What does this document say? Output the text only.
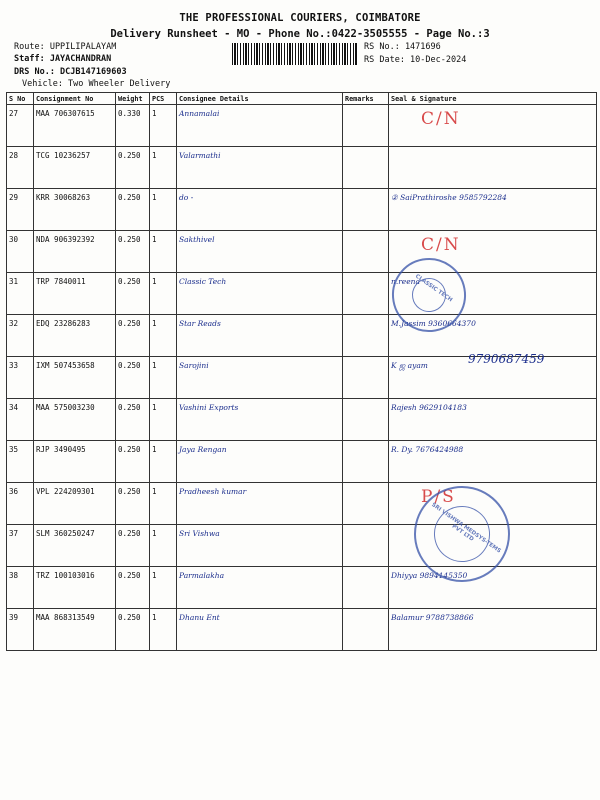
THE PROFESSIONAL COURIERS, COIMBATORE
Delivery Runsheet - MO - Phone No.:0422-3505555 - Page No.:3
Route: UPPILIPALAYAM
Staff: JAYACHANDRAN
DRS No.: DCJB147169603
Vehicle: Two Wheeler Delivery
RS No.: 1471696
RS Date: 10-Dec-2024
S No	Consignment No	Weight	PCS	Consignee Details	Remarks	Seal & Signature
27	MAA 706307615	0.330	1	Annamalai		C/N
28	TCG 10236257	0.250	1	Valarmathi		
29	KRR 30068263	0.250	1	do -		② SaiPrathiroshe 9585792284
30	NDA 906392392	0.250	1	Sakthivel		C/N
31	TRP 7840011	0.250	1	Classic Tech		n.reena
32	EDQ 23286283	0.250	1	Star Reads		M.Jassim 9360664370
33	IXM 507453658	0.250	1	Sarojini		K ஜ ayam
34	MAA 575003230	0.250	1	Vashini Exports		Rajesh 9629104183
35	RJP 3490495	0.250	1	Jaya Rengan		R. Dy. 7676424988
36	VPL 224209301	0.250	1	Pradheesh kumar		P/S
37	SLM 360250247	0.250	1	Sri Vishwa		
38	TRZ 100103016	0.250	1	Parmalakha		Dhiyya 9894145350
39	MAA 868313549	0.250	1	Dhanu Ent		Balamur 9788738866
9790687459
CLASSIC TECH
SRI VISHWA MEDSYS-TEMS PVT LTD
